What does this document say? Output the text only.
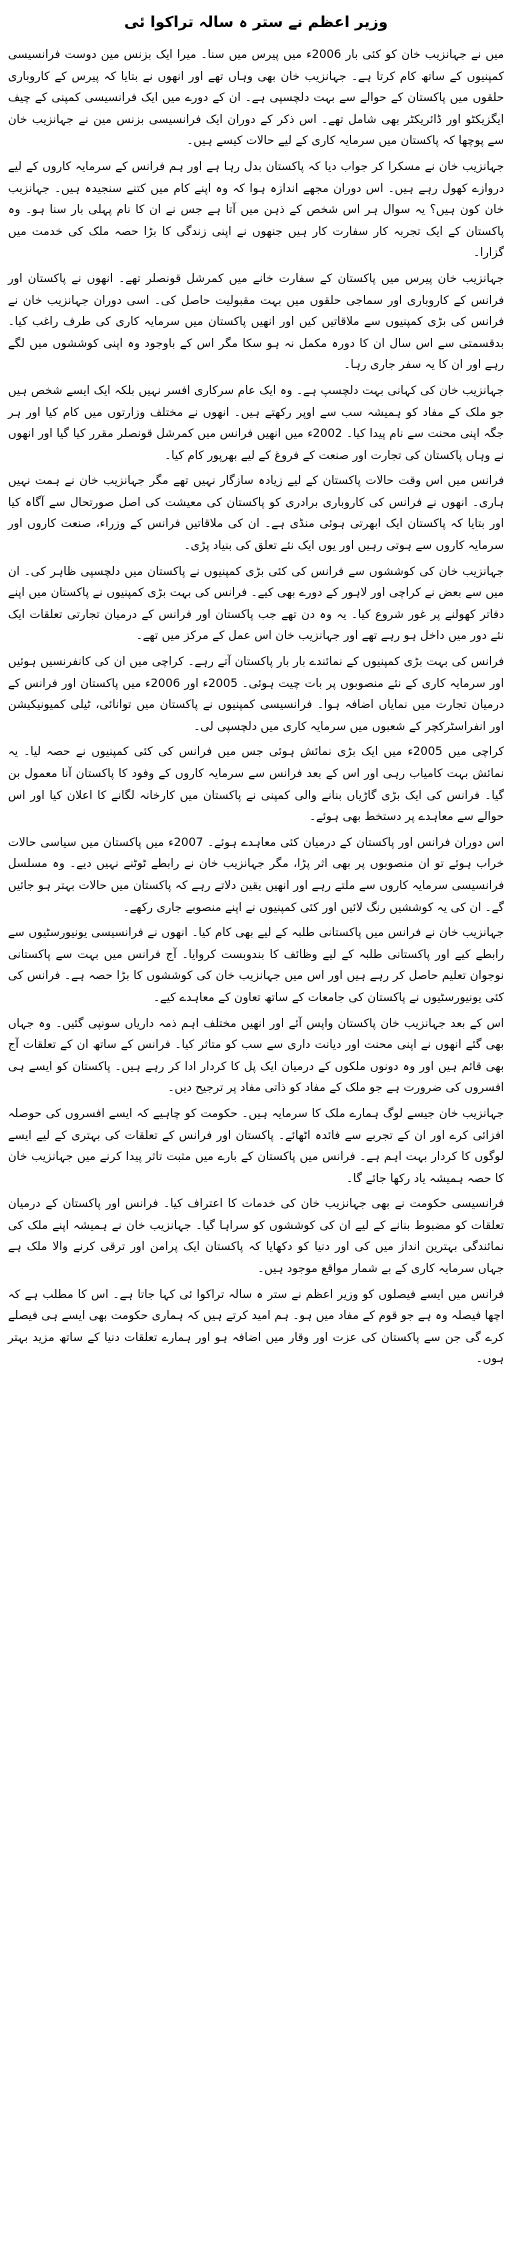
وزیر اعظم نے ستر ہ سالہ تراکوا ئی

میں نے جہانزیب خان کو کئی بار 2006ء میں پیرس میں سنا۔ میرا ایک بزنس مین دوست فرانسیسی کمپنیوں کے ساتھ کام کرتا ہے۔ جہانزیب خان بھی وہاں تھے اور انھوں نے بتایا کہ پیرس کے کاروباری حلقوں میں پاکستان کے حوالے سے بہت دلچسپی ہے۔ ان کے دورے میں ایک فرانسیسی کمپنی کے چیف ایگزیکٹو اور ڈائریکٹر بھی شامل تھے۔ اس ذکر کے دوران ایک فرانسیسی بزنس مین نے جہانزیب خان سے پوچھا کہ پاکستان میں سرمایہ کاری کے لیے حالات کیسے ہیں۔

جہانزیب خان نے مسکرا کر جواب دیا کہ پاکستان بدل رہا ہے اور ہم فرانس کے سرمایہ کاروں کے لیے دروازے کھول رہے ہیں۔ اس دوران مجھے اندازہ ہوا کہ وہ اپنے کام میں کتنے سنجیدہ ہیں۔ جہانزیب خان کون ہیں؟ یہ سوال ہر اس شخص کے ذہن میں آتا ہے جس نے ان کا نام پہلی بار سنا ہو۔ وہ پاکستان کے ایک تجربہ کار سفارت کار ہیں جنھوں نے اپنی زندگی کا بڑا حصہ ملک کی خدمت میں گزارا۔

جہانزیب خان پیرس میں پاکستان کے سفارت خانے میں کمرشل قونصلر تھے۔ انھوں نے پاکستان اور فرانس کے کاروباری اور سماجی حلقوں میں بہت مقبولیت حاصل کی۔ اسی دوران جہانزیب خان نے فرانس کی بڑی کمپنیوں سے ملاقاتیں کیں اور انھیں پاکستان میں سرمایہ کاری کی طرف راغب کیا۔ بدقسمتی سے اس سال ان کا دورہ مکمل نہ ہو سکا مگر اس کے باوجود وہ اپنی کوششوں میں لگے رہے اور ان کا یہ سفر جاری رہا۔

جہانزیب خان کی کہانی بہت دلچسپ ہے۔ وہ ایک عام سرکاری افسر نہیں بلکہ ایک ایسے شخص ہیں جو ملک کے مفاد کو ہمیشہ سب سے اوپر رکھتے ہیں۔ انھوں نے مختلف وزارتوں میں کام کیا اور ہر جگہ اپنی محنت سے نام پیدا کیا۔ 2002ء میں انھیں فرانس میں کمرشل قونصلر مقرر کیا گیا اور انھوں نے وہاں پاکستان کی تجارت اور صنعت کے فروغ کے لیے بھرپور کام کیا۔

فرانس میں اس وقت حالات پاکستان کے لیے زیادہ سازگار نہیں تھے مگر جہانزیب خان نے ہمت نہیں ہاری۔ انھوں نے فرانس کی کاروباری برادری کو پاکستان کی معیشت کی اصل صورتحال سے آگاہ کیا اور بتایا کہ پاکستان ایک ابھرتی ہوئی منڈی ہے۔ ان کی ملاقاتیں فرانس کے وزراء، صنعت کاروں اور سرمایہ کاروں سے ہوتی رہیں اور یوں ایک نئے تعلق کی بنیاد پڑی۔

جہانزیب خان کی کوششوں سے فرانس کی کئی بڑی کمپنیوں نے پاکستان میں دلچسپی ظاہر کی۔ ان میں سے بعض نے کراچی اور لاہور کے دورے بھی کیے۔ فرانس کی بہت بڑی کمپنیوں نے پاکستان میں اپنے دفاتر کھولنے پر غور شروع کیا۔ یہ وہ دن تھے جب پاکستان اور فرانس کے درمیان تجارتی تعلقات ایک نئے دور میں داخل ہو رہے تھے اور جہانزیب خان اس عمل کے مرکز میں تھے۔

فرانس کی بہت بڑی کمپنیوں کے نمائندے بار بار پاکستان آتے رہے۔ کراچی میں ان کی کانفرنسیں ہوئیں اور سرمایہ کاری کے نئے منصوبوں پر بات چیت ہوئی۔ 2005ء اور 2006ء میں پاکستان اور فرانس کے درمیان تجارت میں نمایاں اضافہ ہوا۔ فرانسیسی کمپنیوں نے پاکستان میں توانائی، ٹیلی کمیونیکیشن اور انفراسٹرکچر کے شعبوں میں سرمایہ کاری میں دلچسپی لی۔

کراچی میں 2005ء میں ایک بڑی نمائش ہوئی جس میں فرانس کی کئی کمپنیوں نے حصہ لیا۔ یہ نمائش بہت کامیاب رہی اور اس کے بعد فرانس سے سرمایہ کاروں کے وفود کا پاکستان آنا معمول بن گیا۔ فرانس کی ایک بڑی گاڑیاں بنانے والی کمپنی نے پاکستان میں کارخانہ لگانے کا اعلان کیا اور اس حوالے سے معاہدے پر دستخط بھی ہوئے۔

اس دوران فرانس اور پاکستان کے درمیان کئی معاہدے ہوئے۔ 2007ء میں پاکستان میں سیاسی حالات خراب ہوئے تو ان منصوبوں پر بھی اثر پڑا، مگر جہانزیب خان نے رابطے ٹوٹنے نہیں دیے۔ وہ مسلسل فرانسیسی سرمایہ کاروں سے ملتے رہے اور انھیں یقین دلاتے رہے کہ پاکستان میں حالات بہتر ہو جائیں گے۔ ان کی یہ کوششیں رنگ لائیں اور کئی کمپنیوں نے اپنے منصوبے جاری رکھے۔

جہانزیب خان نے فرانس میں پاکستانی طلبہ کے لیے بھی کام کیا۔ انھوں نے فرانسیسی یونیورسٹیوں سے رابطے کیے اور پاکستانی طلبہ کے لیے وظائف کا بندوبست کروایا۔ آج فرانس میں بہت سے پاکستانی نوجوان تعلیم حاصل کر رہے ہیں اور اس میں جہانزیب خان کی کوششوں کا بڑا حصہ ہے۔ فرانس کی کئی یونیورسٹیوں نے پاکستان کی جامعات کے ساتھ تعاون کے معاہدے کیے۔

اس کے بعد جہانزیب خان پاکستان واپس آئے اور انھیں مختلف اہم ذمہ داریاں سونپی گئیں۔ وہ جہاں بھی گئے انھوں نے اپنی محنت اور دیانت داری سے سب کو متاثر کیا۔ فرانس کے ساتھ ان کے تعلقات آج بھی قائم ہیں اور وہ دونوں ملکوں کے درمیان ایک پل کا کردار ادا کر رہے ہیں۔ پاکستان کو ایسے ہی افسروں کی ضرورت ہے جو ملک کے مفاد کو ذاتی مفاد پر ترجیح دیں۔

جہانزیب خان جیسے لوگ ہمارے ملک کا سرمایہ ہیں۔ حکومت کو چاہیے کہ ایسے افسروں کی حوصلہ افزائی کرے اور ان کے تجربے سے فائدہ اٹھائے۔ پاکستان اور فرانس کے تعلقات کی بہتری کے لیے ایسے لوگوں کا کردار بہت اہم ہے۔ فرانس میں پاکستان کے بارے میں مثبت تاثر پیدا کرنے میں جہانزیب خان کا حصہ ہمیشہ یاد رکھا جائے گا۔

فرانسیسی حکومت نے بھی جہانزیب خان کی خدمات کا اعتراف کیا۔ فرانس اور پاکستان کے درمیان تعلقات کو مضبوط بنانے کے لیے ان کی کوششوں کو سراہا گیا۔ جہانزیب خان نے ہمیشہ اپنے ملک کی نمائندگی بہترین انداز میں کی اور دنیا کو دکھایا کہ پاکستان ایک پرامن اور ترقی کرنے والا ملک ہے جہاں سرمایہ کاری کے بے شمار مواقع موجود ہیں۔

فرانس میں ایسے فیصلوں کو وزیر اعظم نے ستر ہ سالہ تراکوا ئی کہا جاتا ہے۔ اس کا مطلب ہے کہ اچھا فیصلہ وہ ہے جو قوم کے مفاد میں ہو۔ ہم امید کرتے ہیں کہ ہماری حکومت بھی ایسے ہی فیصلے کرے گی جن سے پاکستان کی عزت اور وقار میں اضافہ ہو اور ہمارے تعلقات دنیا کے ساتھ مزید بہتر ہوں۔
